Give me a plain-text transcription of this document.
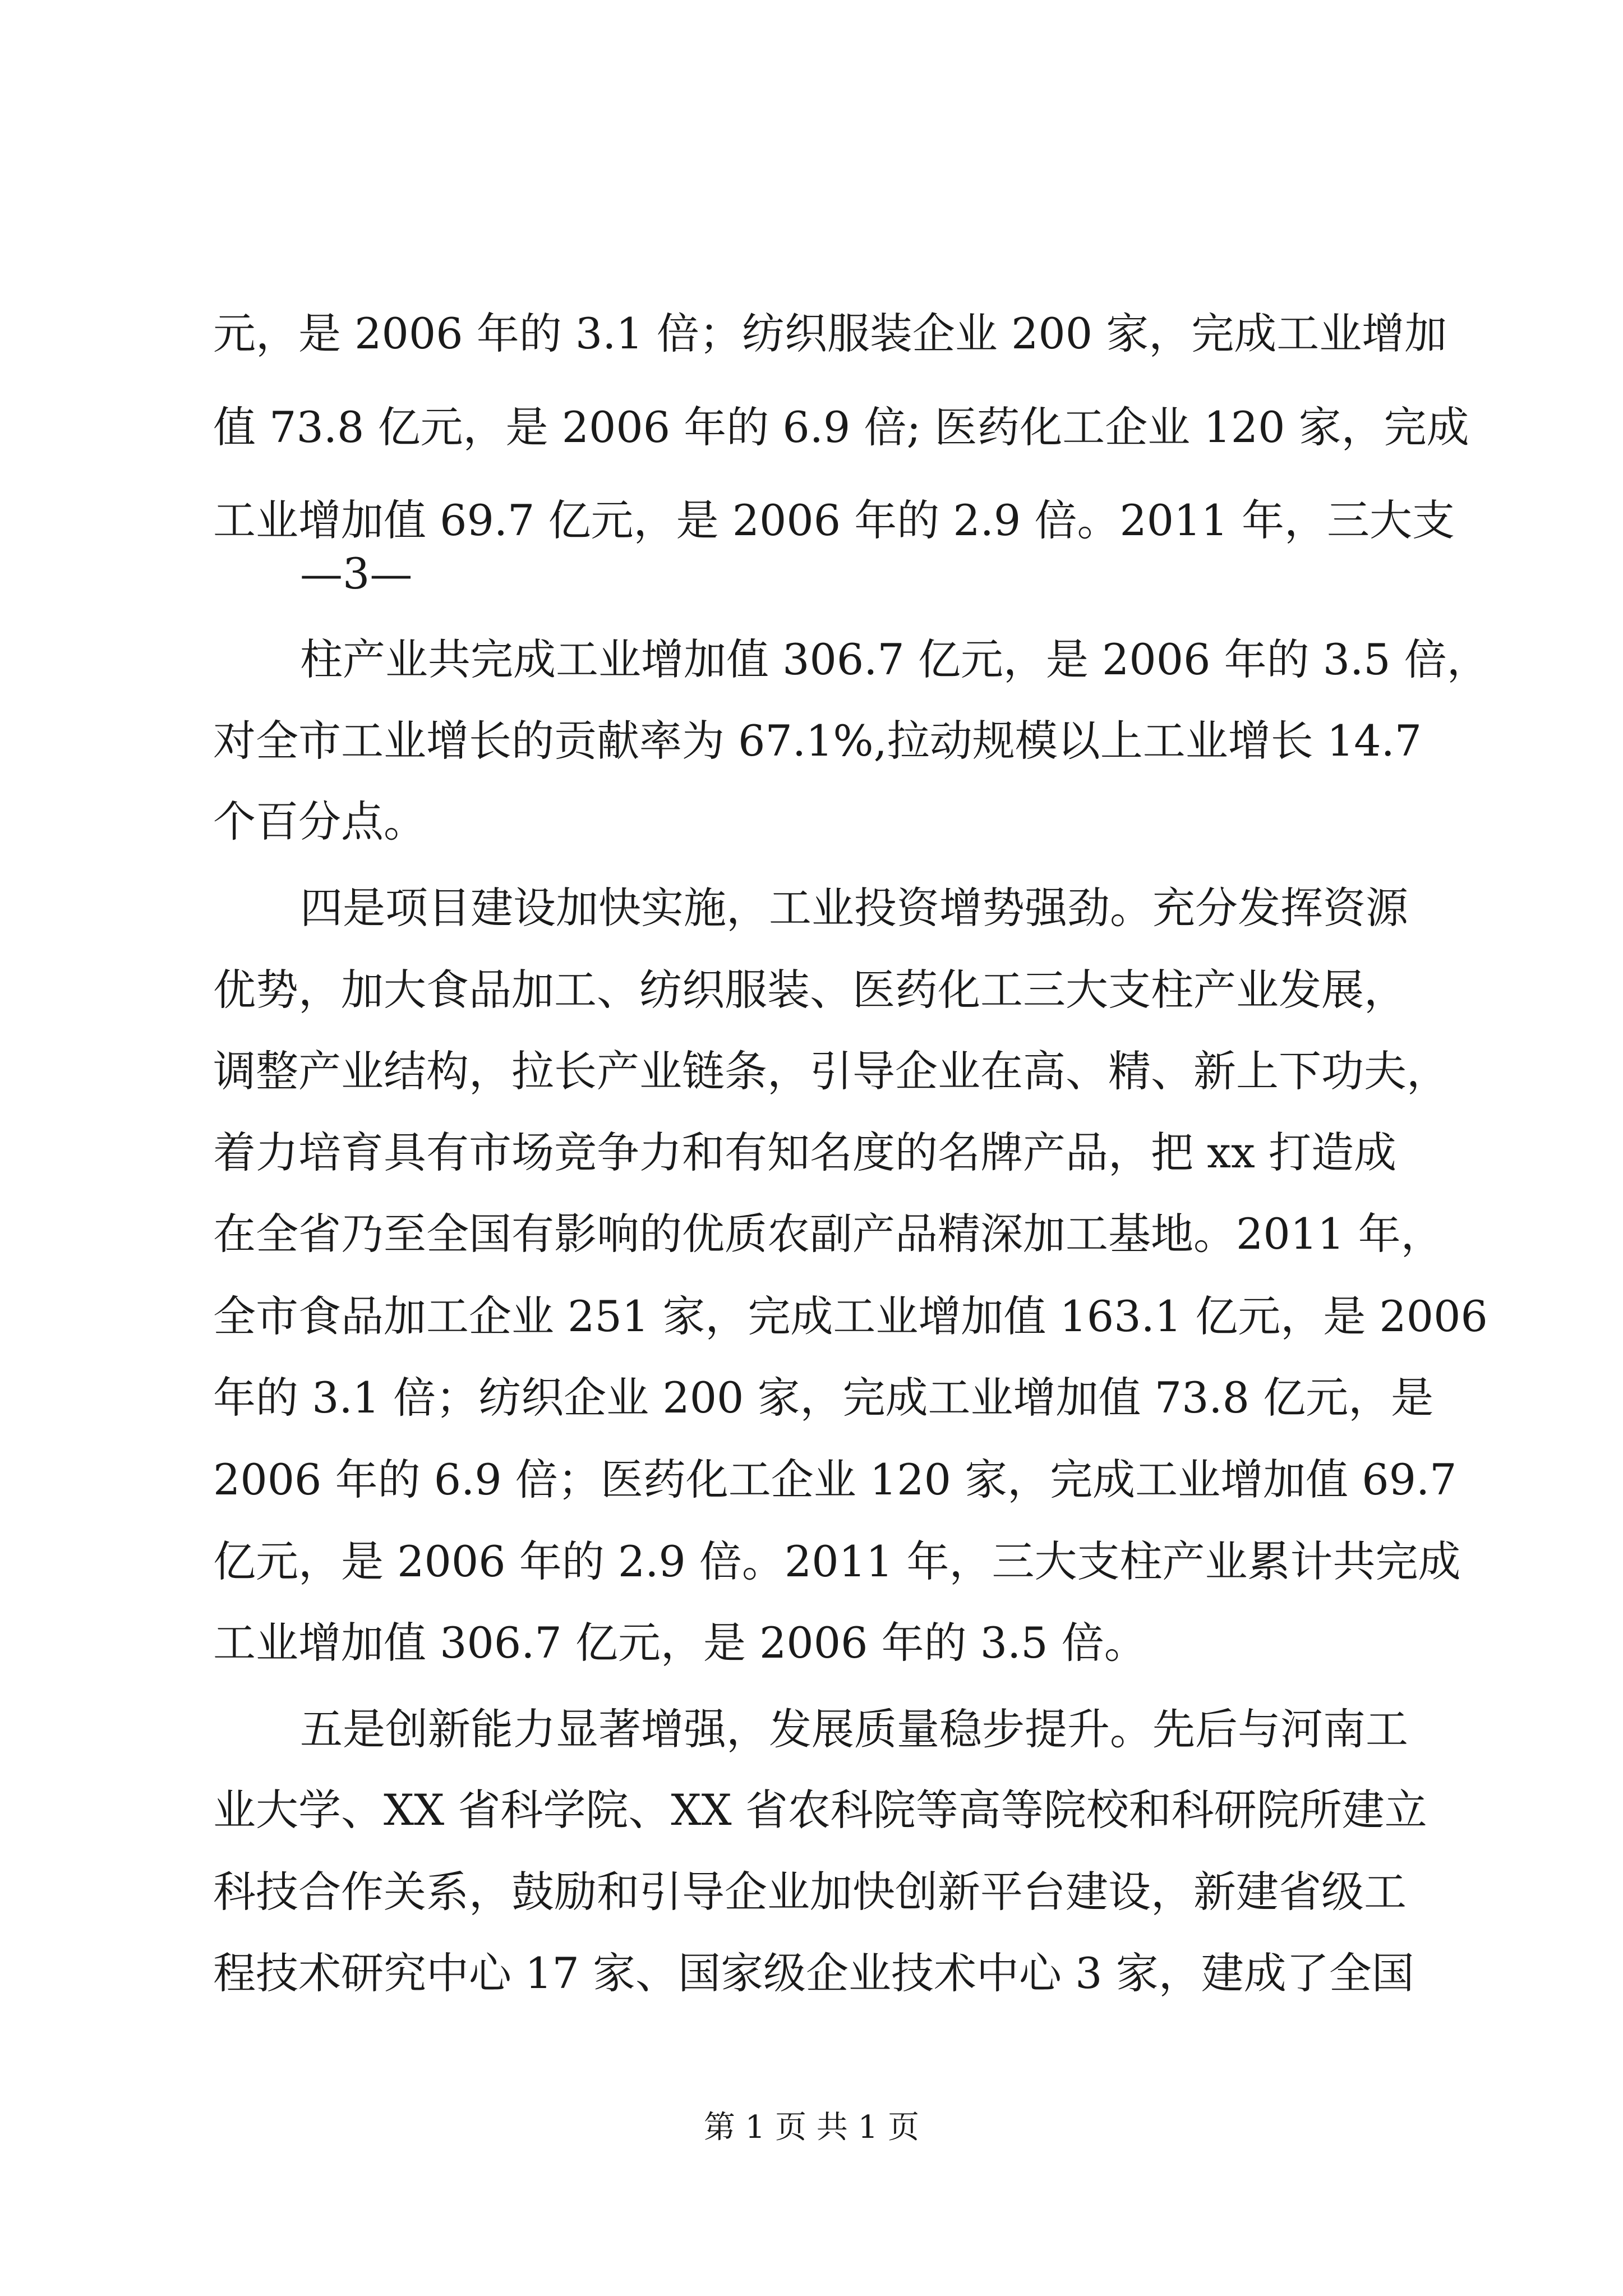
元，是 2006 年的 3.1 倍；纺织服装企业 200 家，完成工业增加
值 73.8 亿元，是 2006 年的 6.9 倍; 医药化工企业 120 家，完成
工业增加值 69.7 亿元，是 2006 年的 2.9 倍。2011 年，三大支
—3—
柱产业共完成工业增加值 306.7 亿元，是 2006 年的 3.5 倍，
对全市工业增长的贡献率为 67.1%,拉动规模以上工业增长 14.7
个百分点。
四是项目建设加快实施，工业投资增势强劲。充分发挥资源
优势，加大食品加工、纺织服装、医药化工三大支柱产业发展，
调整产业结构，拉长产业链条，引导企业在高、精、新上下功夫，
着力培育具有市场竞争力和有知名度的名牌产品，把 xx 打造成
在全省乃至全国有影响的优质农副产品精深加工基地。2011 年，
全市食品加工企业 251 家，完成工业增加值 163.1 亿元，是 2006
年的 3.1 倍；纺织企业 200 家，完成工业增加值 73.8 亿元，是
2006 年的 6.9 倍；医药化工企业 120 家，完成工业增加值 69.7
亿元，是 2006 年的 2.9 倍。2011 年，三大支柱产业累计共完成
工业增加值 306.7 亿元，是 2006 年的 3.5 倍。
五是创新能力显著增强，发展质量稳步提升。先后与河南工
业大学、XX 省科学院、XX 省农科院等高等院校和科研院所建立
科技合作关系，鼓励和引导企业加快创新平台建设，新建省级工
程技术研究中心 17 家、国家级企业技术中心 3 家，建成了全国
第 1 页 共 1 页
